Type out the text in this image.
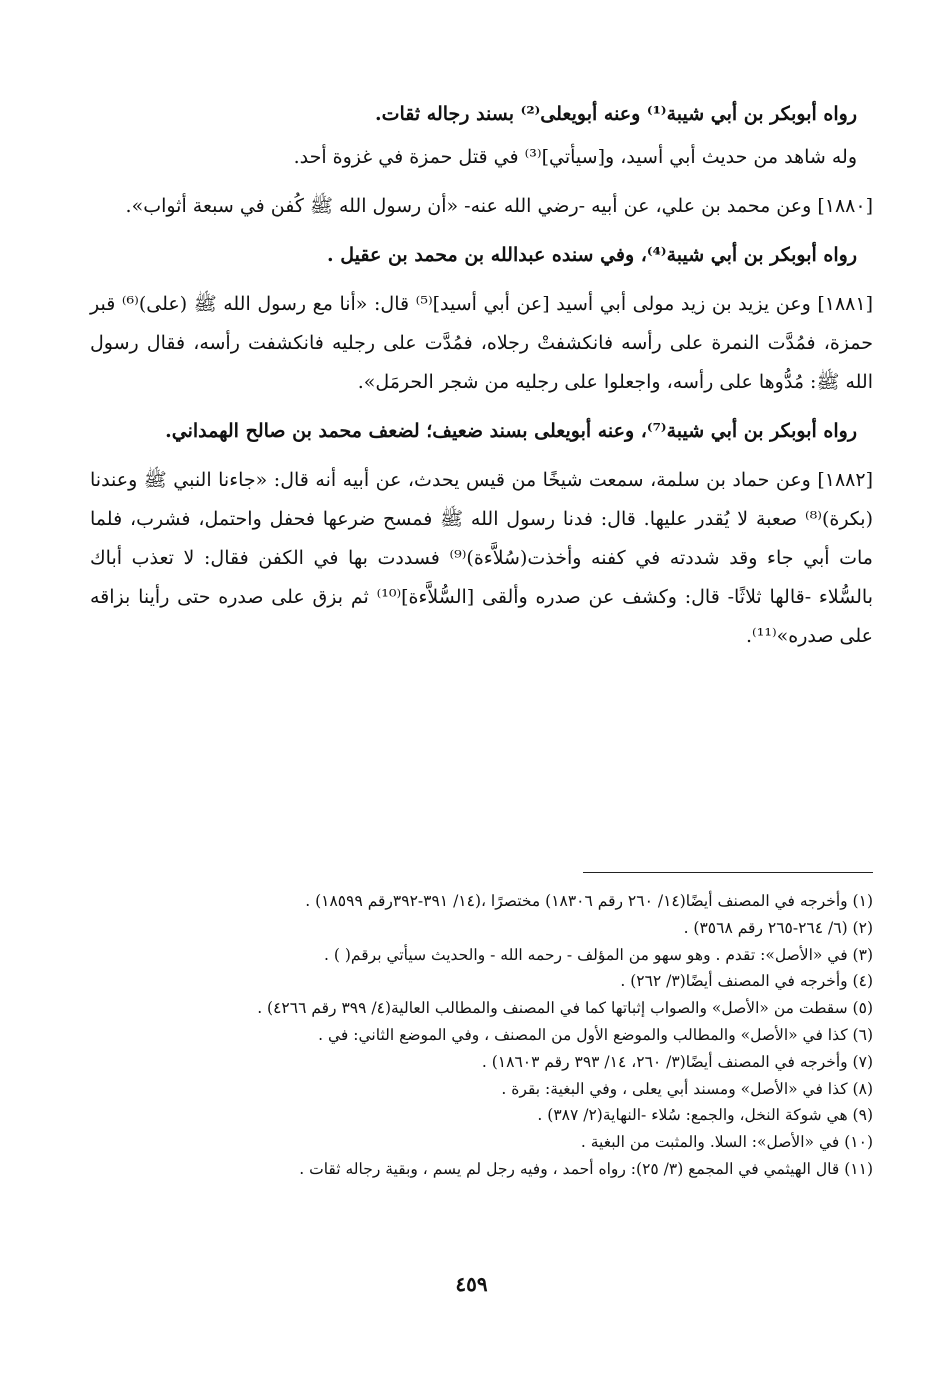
رواه أبوبكر بن أبي شيبة⁽¹⁾ وعنه أبويعلى⁽²⁾ بسند رجاله ثقات.

وله شاهد من حديث أبي أسيد، و[سيأتي]⁽³⁾ في قتل حمزة في غزوة أحد.

[١٨٨٠] وعن محمد بن علي، عن أبيه -رضي الله عنه- «أن رسول الله ﷺ كُفن في سبعة أثواب».

رواه أبوبكر بن أبي شيبة⁽⁴⁾، وفي سنده عبدالله بن محمد بن عقيل .

[١٨٨١] وعن يزيد بن زيد مولى أبي أسيد [عن أبي أسيد]⁽⁵⁾ قال: «أنا مع رسول الله ﷺ (على)⁽⁶⁾ قبر حمزة، فمُدَّت النمرة على رأسه فانكشفتْ رجلاه، فمُدَّت على رجليه فانكشفت رأسه، فقال رسول الله ﷺ: مُدُّوها على رأسه، واجعلوا على رجليه من شجر الحرمَل».

رواه أبوبكر بن أبي شيبة⁽⁷⁾، وعنه أبويعلى بسند ضعيف؛ لضعف محمد بن صالح الهمداني.

[١٨٨٢] وعن حماد بن سلمة، سمعت شيخًا من قيس يحدث، عن أبيه أنه قال: «جاءنا النبي ﷺ وعندنا (بكرة)⁽⁸⁾ صعبة لا يُقدر عليها. قال: فدنا رسول الله ﷺ فمسح ضرعها فحفل واحتمل، فشرب، فلما مات أبي جاء وقد شددته في كفنه وأخذت(سُلاَّءة)⁽⁹⁾ فسددت بها في الكفن فقال: لا تعذب أباك بالسُّلاء -قالها ثلاثًا- قال: وكشف عن صدره وألقى [السُّلاَّءة]⁽¹⁰⁾ ثم بزق على صدره حتى رأينا بزاقه على صدره»⁽¹¹⁾.

(١) وأخرجه في المصنف أيضًا(١٤/ ٢٦٠ رقم ١٨٣٠٦) مختصرًا ،(١٤/ ٣٩١-٣٩٢رقم ١٨٥٩٩) .
(٢) (٦/ ٢٦٤-٢٦٥ رقم ٣٥٦٨) .
(٣) في «الأصل»: تقدم . وهو سهو من المؤلف - رحمه الله - والحديث سيأتي برقم( ) .
(٤) وأخرجه في المصنف أيضًا(٣/ ٢٦٢) .
(٥) سقطت من «الأصل» والصواب إثباتها كما في المصنف والمطالب العالية(٤/ ٣٩٩ رقم ٤٢٦٦) .
(٦) كذا في «الأصل» والمطالب والموضع الأول من المصنف ، وفي الموضع الثاني: في .
(٧) وأخرجه في المصنف أيضًا(٣/ ٢٦٠، ١٤/ ٣٩٣ رقم ١٨٦٠٣) .
(٨) كذا في «الأصل» ومسند أبي يعلى ، وفي البغية: بقرة .
(٩) هي شوكة النخل، والجمع: سُلاء -النهاية(٢/ ٣٨٧) .
(١٠) في «الأصل»: السلا. والمثبت من البغية .
(١١) قال الهيثمي في المجمع (٣/ ٢٥): رواه أحمد ، وفيه رجل لم يسم ، وبقية رجاله ثقات .
٤٥٩
